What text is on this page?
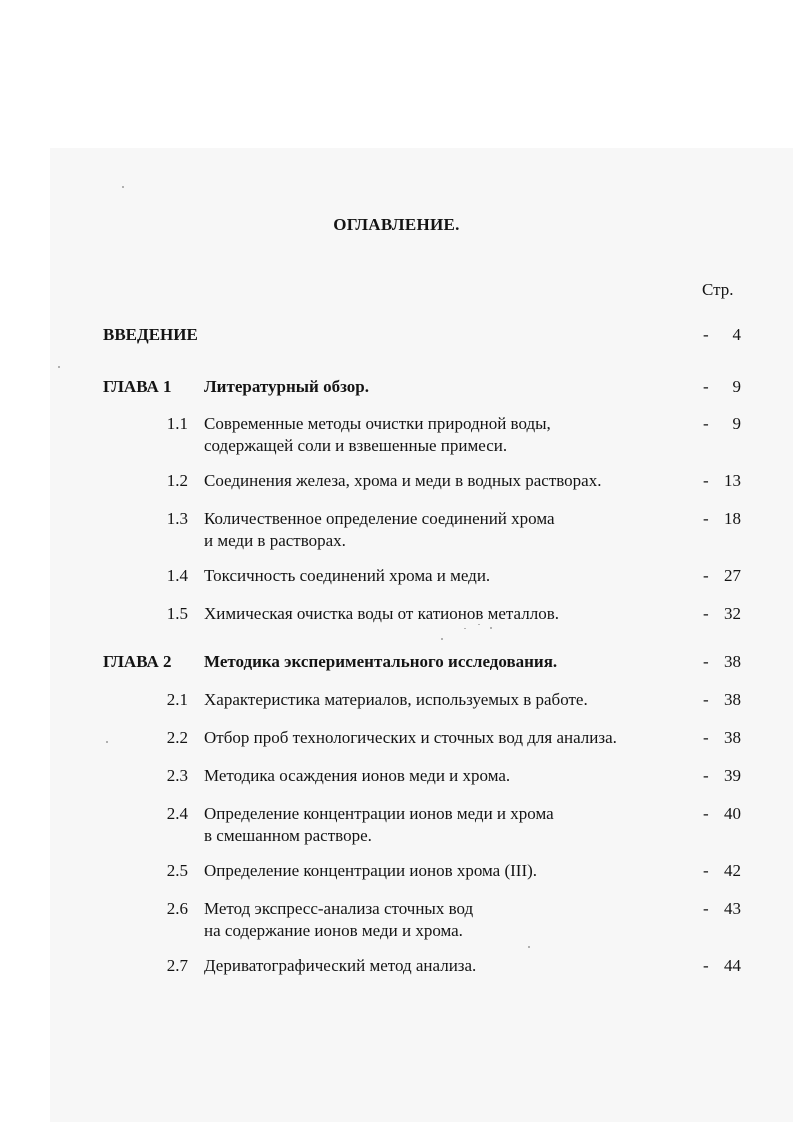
ОГЛАВЛЕНИЕ.
Стр.
ВВЕДЕНИЕ	-	4
ГЛАВА 1 Литературный обзор.	-	9
1.1 Современные методы очистки природной воды,
содержащей соли и взвешенные примеси.
-	9
1.2 Соединения железа, хрома и меди в водных растворах.	- 13
1.3 Количественное определение соединений хрома
и меди в растворах.
- 18
1.4 Токсичность соединений хрома и меди.	- 27
1.5 Химическая очистка воды от катионов металлов.	- 32
ГЛАВА 2 Методика экспериментального исследования.	- 38
2.1 Характеристика материалов, используемых в работе.	- 38
2.2 Отбор проб технологических и сточных вод для анализа.	- 38
2.3 Методика осаждения ионов меди и хрома.	- 39
2.4 Определение концентрации ионов меди и хрома
в смешанном растворе.
- 40
2.5 Определение концентрации ионов хрома (III).	- 42
2.6 Метод экспресс-анализа сточных вод
на содержание ионов меди и хрома.
- 43
2.7 Дериватографический метод анализа.	- 44
